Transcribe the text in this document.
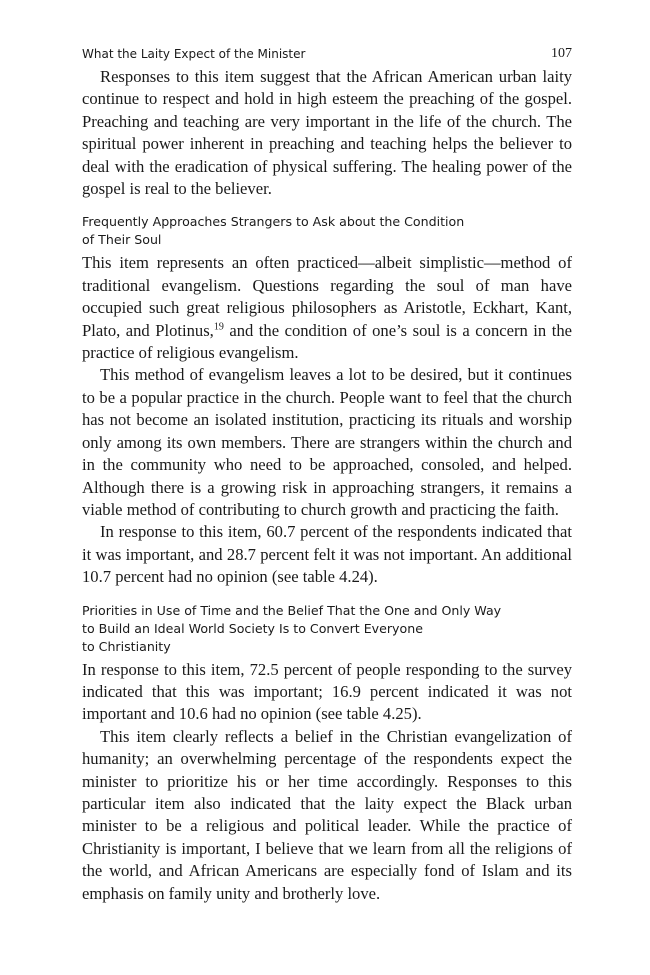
What the Laity Expect of the Minister	107

Responses to this item suggest that the African American urban laity continue to respect and hold in high esteem the preaching of the gospel. Preaching and teaching are very important in the life of the church. The spiritual power inherent in preaching and teaching helps the believer to deal with the eradication of physical suffering. The healing power of the gospel is real to the believer.

Frequently Approaches Strangers to Ask about the Condition
of Their Soul

This item represents an often practiced—albeit simplistic—method of traditional evangelism. Questions regarding the soul of man have occupied such great religious philosophers as Aristotle, Eckhart, Kant, Plato, and Plotinus,$^{19}$ and the condition of one’s soul is a concern in the practice of religious evangelism.

This method of evangelism leaves a lot to be desired, but it continues to be a popular practice in the church. People want to feel that the church has not become an isolated institution, practicing its rituals and worship only among its own members. There are strangers within the church and in the community who need to be approached, consoled, and helped. Although there is a growing risk in approaching strangers, it remains a viable method of contributing to church growth and practicing the faith.

In response to this item, 60.7 percent of the respondents indicated that it was important, and 28.7 percent felt it was not important. An additional 10.7 percent had no opinion (see table 4.24).

Priorities in Use of Time and the Belief That the One and Only Way
to Build an Ideal World Society Is to Convert Everyone
to Christianity

In response to this item, 72.5 percent of people responding to the survey indicated that this was important; 16.9 percent indicated it was not important and 10.6 had no opinion (see table 4.25).

This item clearly reflects a belief in the Christian evangelization of humanity; an overwhelming percentage of the respondents expect the minister to prioritize his or her time accordingly. Responses to this particular item also indicated that the laity expect the Black urban minister to be a religious and political leader. While the practice of Christianity is important, I believe that we learn from all the religions of the world, and African Americans are especially fond of Islam and its emphasis on family unity and brotherly love.
